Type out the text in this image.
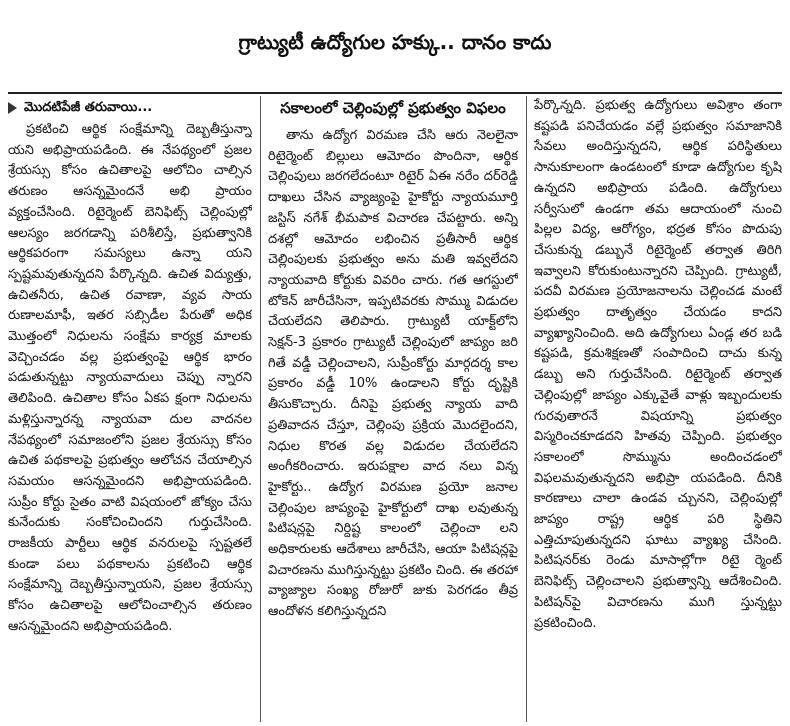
గ్రాట్యుటీ ఉద్యోగుల హక్కు.. దానం కాదు
మొదటిపేజీ తరువాయి...

ప్రకటించి ఆర్థిక సంక్షేమాన్ని దెబ్బతీస్తున్నా యని అభిప్రాయపడింది. ఈ నేపథ్యంలో ప్రజల శ్రేయస్సు కోసం ఉచితాలపై ఆలోచిం చాల్సిన తరుణం ఆసన్నమైందనే అభి ప్రాయం వ్యక్తంచేసింది. రిటైర్మెంట్ బెనిఫిట్స్ చెల్లింపుల్లో ఆలస్యం జరగడాన్ని పరిశీలిస్తే, ప్రభుత్వానికి ఆర్థికపరంగా సమస్యలు ఉన్నా యని స్పష్టమవుతున్నదని పేర్కొన్నది. ఉచిత విద్యుత్తు, ఉచితనీరు, ఉచిత రవాణా, వ్యవ సాయ రుణాలమాఫీ, ఇతర సబ్సిడీల పేరుతో అధిక మొత్తంలో నిధులను సంక్షేమ కార్యక్ర మాలకు వెచ్చించడం వల్ల ప్రభుత్వంపై ఆర్థిక భారం పడుతున్నట్టు న్యాయవాదులు చెప్పు న్నారని తెలిపింది. ఉచితాల కోసం ఏకప క్షంగా నిధులను మళ్లిస్తున్నారన్న న్యాయవా దుల వాదనల నేపథ్యంలో సమాజంలోని ప్రజల శ్రేయస్సు కోసం ఉచిత పథకాలపై ప్రభుత్వం ఆలోచన చేయాల్సిన సమయం ఆసన్నమైందని అభిప్రాయపడింది. సుప్రీం కోర్టు సైతం వాటి విషయంలో జోక్యం చేసు కునేందుకు సంకోచించిందని గుర్తుచేసింది. రాజకీయ పార్టీలు ఆర్థిక వనరులపై స్పష్టతలే కుండా పలు పథకాలను ప్రకటించి ఆర్థిక సంక్షేమాన్ని దెబ్బతీస్తున్నాయని, ప్రజల శ్రేయస్సు కోసం ఉచితాలపై ఆలోచించాల్సిన తరుణం ఆసన్నమైందని అభిప్రాయపడింది.

సకాలంలో చెల్లింపుల్లో ప్రభుత్వం విఫలం

తాను ఉద్యోగ విరమణ చేసి ఆరు నెలలైనా రిటైర్మెంట్ బిల్లులు ఆమోదం పొందినా, ఆర్థిక చెల్లింపులు జరగలేదంటూ రిటైర్ ఏఈ నరేం దర్‌రెడ్డి దాఖలు చేసిన వ్యాజ్యంపై హైకోర్టు న్యాయమూర్తి జస్టిస్ నగేశ్ భీమపాక విచారణ చేపట్టారు. అన్ని దశల్లో ఆమోదం లభించిన ప్రతీసారీ ఆర్థిక చెల్లింపులకు ప్రభుత్వం అను మతి ఇవ్వలేదని న్యాయవాది కోర్టుకు వివరిం చారు. గత ఆగస్టులో టోకెన్ జారీచేసినా, ఇప్పటివరకు సొమ్ము విడుదల చేయలేదని తెలిపారు. గ్రాట్యుటీ యాక్ట్‌లోని సెక్షన్-3 ప్రకారం గ్రాట్యుటీ చెల్లింపులో జాప్యం జరి గితే వడ్డీ చెల్లించాలని, సుప్రీంకోర్టు మార్గదర్శ కాల ప్రకారం వడ్డీ 10% ఉండాలని కోర్టు దృష్టికి తీసుకొచ్చారు. దీనిపై ప్రభుత్వ న్యాయ వాది ప్రతివాదన చేస్తూ, చెల్లింపు ప్రక్రియ మొదలైందని, నిధుల కొరత వల్ల విడుదల చేయలేదని అంగీకరించారు. ఇరుపక్షాల వాద నలు విన్న హైకోర్టు.. ఉద్యోగ విరమణ ప్రయో జనాల చెల్లింపుల జాప్యంపై హైకోర్టులో దాఖ లవుతున్న పిటిషన్లపై నిర్దిష్ట కాలంలో చెల్లించా లని అధికారులకు ఆదేశాలు జారీచేసి, ఆయా పిటిషన్లపై విచారణను ముగిస్తున్నట్టు ప్రకటిం చింది. ఈ తరహా వ్యాజ్యాల సంఖ్య రోజురో జుకు పెరగడం తీవ్ర ఆందోళన కలిగిస్తున్నదని

పేర్కొన్నది. ప్రభుత్వ ఉద్యోగులు అవిశ్రాం తంగా కష్టపడి పనిచేయడం వల్లే ప్రభుత్వం సమాజానికి సేవలు అందిస్తున్నదని, ఆర్థిక పరిస్థితులు సానుకూలంగా ఉండటంలో కూడా ఉద్యోగుల కృషి ఉన్నదని అభిప్రాయ పడింది. ఉద్యోగులు సర్వీసులో ఉండగా తమ ఆదాయంలో నుంచి పిల్లల విద్య, ఆరోగ్యం, భద్రత కోసం పొదుపు చేసుకున్న డబ్బునే రిటైర్మెంట్ తర్వాత తిరిగి ఇవ్వాలని కోరుకుంటున్నారని చెప్పింది. గ్రాట్యుటీ, పదవీ విరమణ ప్రయోజనాలను చెల్లించడ మంటే ప్రభుత్వం దాతృత్వం చేయడం కాదని వ్యాఖ్యానించింది. అది ఉద్యోగులు ఏండ్ల తర బడి కష్టపడి, క్రమశిక్షణతో సంపాదించి దాచు కున్న డబ్బు అని గుర్తుచేసింది. రిటైర్మెంట్ తర్వాత చెల్లింపుల్లో జాప్యం ఎక్కువైతే వాళ్లు ఇబ్బందులకు గురవుతారనే విషయాన్ని ప్రభుత్వం విస్మరించకూడదని హితవు చెప్పింది. ప్రభుత్వం సకాలంలో సొమ్మును అందించడంలో విఫలమవుతున్నదని అభిప్రా యపడింది. దీనికి కారణాలు చాలా ఉండవ చ్చునని, చెల్లింపుల్లో జాప్యం రాష్ట్ర ఆర్థిక పరి స్థితిని ఎత్తిచూపుతున్నదని ఘాటు వ్యాఖ్య చేసింది. పిటిషనర్‌కు రెండు మాసాల్లోగా రిటై ర్మెంట్ బెనిఫిట్స్ చెల్లించాలని ప్రభుత్వాన్ని ఆదేశించింది. పిటిషన్‌పై విచారణను ముగి స్తున్నట్టు ప్రకటించింది.
